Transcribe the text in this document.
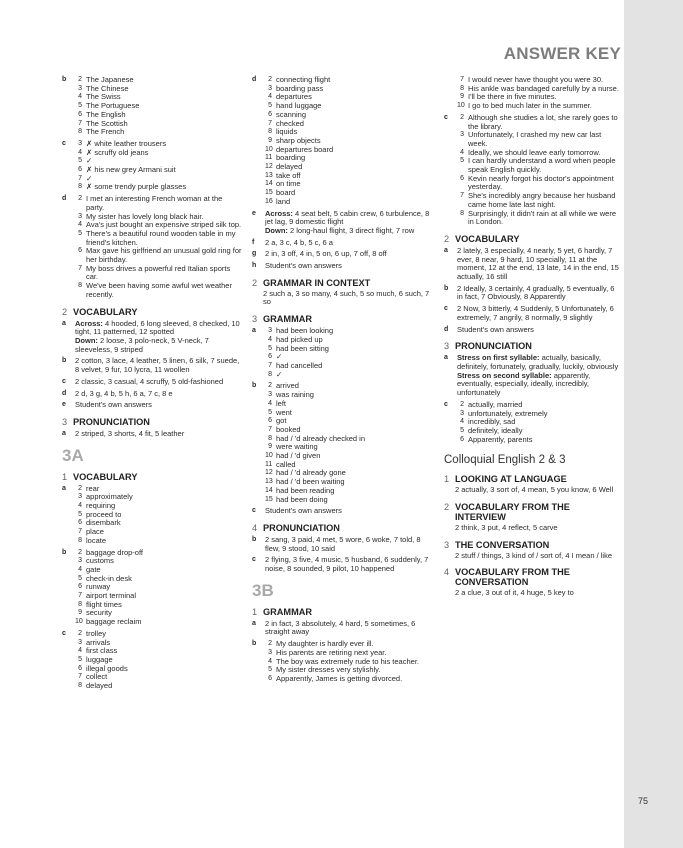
ANSWER KEY
b	2 The Japanese
3 The Chinese
4 The Swiss
5 The Portuguese
6 The English
7 The Scottish
8 The French
c	3 ✗ white leather trousers
4 ✗ scruffy old jeans
5 ✓
6 ✗ his new grey Armani suit
7 ✓
8 ✗ some trendy purple glasses
d	2 I met an interesting French woman at the party.
3 My sister has lovely long black hair.
4 Ava's just bought an expensive striped silk top.
5 There's a beautiful round wooden table in my friend's kitchen.
6 Max gave his girlfriend an unusual gold ring for her birthday.
7 My boss drives a powerful red Italian sports car.
8 We've been having some awful wet weather recently.
2 VOCABULARY
a	Across: 4 hooded, 6 long sleeved, 8 checked, 10 tight, 11 patterned, 12 spotted
Down: 2 loose, 3 polo-neck, 5 V-neck, 7 sleeveless, 9 striped
b	2 cotton, 3 lace, 4 leather, 5 linen, 6 silk, 7 suede, 8 velvet, 9 fur, 10 lycra, 11 woollen
c	2 classic, 3 casual, 4 scruffy, 5 old-fashioned
d	2 d, 3 g, 4 b, 5 h, 6 a, 7 c, 8 e
e	Student's own answers
3 PRONUNCIATION
a	2 striped, 3 shorts, 4 fit, 5 leather
3A
1 VOCABULARY
a	2 rear
3 approximately
4 requiring
5 proceed to
6 disembark
7 place
8 locate
b	2 baggage drop-off
3 customs
4 gate
5 check-in desk
6 runway
7 airport terminal
8 flight times
9 security
10 baggage reclaim
c	2 trolley
3 arrivals
4 first class
5 luggage
6 illegal goods
7 collect
8 delayed
d	2 connecting flight
3 boarding pass
4 departures
5 hand luggage
6 scanning
7 checked
8 liquids
9 sharp objects
10 departures board
11 boarding
12 delayed
13 take off
14 on time
15 board
16 land
e	Across: 4 seat belt, 5 cabin crew, 6 turbulence, 8 jet lag, 9 domestic flight
Down: 2 long-haul flight, 3 direct flight, 7 row
f	2 a, 3 c, 4 b, 5 c, 6 a
g	2 in, 3 off, 4 in, 5 on, 6 up, 7 off, 8 off
h	Student's own answers
2 GRAMMAR IN CONTEXT
2 such a, 3 so many, 4 such, 5 so much, 6 such, 7 so
3 GRAMMAR
a	3 had been looking
4 had picked up
5 had been sitting
6 ✓
7 had cancelled
8 ✓
b	2 arrived
3 was raining
4 left
5 went
6 got
7 booked
8 had / 'd already checked in
9 were waiting
10 had / 'd given
11 called
12 had / 'd already gone
13 had / 'd been waiting
14 had been reading
15 had been doing
c	Student's own answers
4 PRONUNCIATION
b	2 sang, 3 paid, 4 met, 5 wore, 6 woke, 7 told, 8 flew, 9 stood, 10 said
c	2 flying, 3 five, 4 music, 5 husband, 6 suddenly, 7 noise, 8 sounded, 9 pilot, 10 happened
3B
1 GRAMMAR
a	2 in fact, 3 absolutely, 4 hard, 5 sometimes, 6 straight away
b	2 My daughter is hardly ever ill.
3 His parents are retiring next year.
4 The boy was extremely rude to his teacher.
5 My sister dresses very stylishly.
6 Apparently, James is getting divorced.
7 I would never have thought you were 30.
8 His ankle was bandaged carefully by a nurse.
9 I'll be there in five minutes.
10 I go to bed much later in the summer.
c	2 Although she studies a lot, she rarely goes to the library.
3 Unfortunately, I crashed my new car last week.
4 Ideally, we should leave early tomorrow.
5 I can hardly understand a word when people speak English quickly.
6 Kevin nearly forgot his doctor's appointment yesterday.
7 She's incredibly angry because her husband came home late last night.
8 Surprisingly, it didn't rain at all while we were in London.
2 VOCABULARY
a	2 lately, 3 especially, 4 nearly, 5 yet, 6 hardly, 7 ever, 8 near, 9 hard, 10 specially, 11 at the moment, 12 at the end, 13 late, 14 in the end, 15 actually, 16 still
b	2 Ideally, 3 certainly, 4 gradually, 5 eventually, 6 in fact, 7 Obviously, 8 Apparently
c	2 Now, 3 bitterly, 4 Suddenly, 5 Unfortunately, 6 extremely, 7 angrily, 8 normally, 9 slightly
d	Student's own answers
3 PRONUNCIATION
a	Stress on first syllable: actually, basically, definitely, fortunately, gradually, luckily, obviously
Stress on second syllable: apparently, eventually, especially, ideally, incredibly, unfortunately
c	2 actually, married
3 unfortunately, extremely
4 incredibly, sad
5 definitely, ideally
6 Apparently, parents
Colloquial English 2 & 3
1 LOOKING AT LANGUAGE
2 actually, 3 sort of, 4 mean, 5 you know, 6 Well
2 VOCABULARY FROM THE INTERVIEW
2 think, 3 put, 4 reflect, 5 carve
3 THE CONVERSATION
2 stuff / things, 3 kind of / sort of, 4 I mean / like
4 VOCABULARY FROM THE CONVERSATION
2 a clue, 3 out of it, 4 huge, 5 key to
75
